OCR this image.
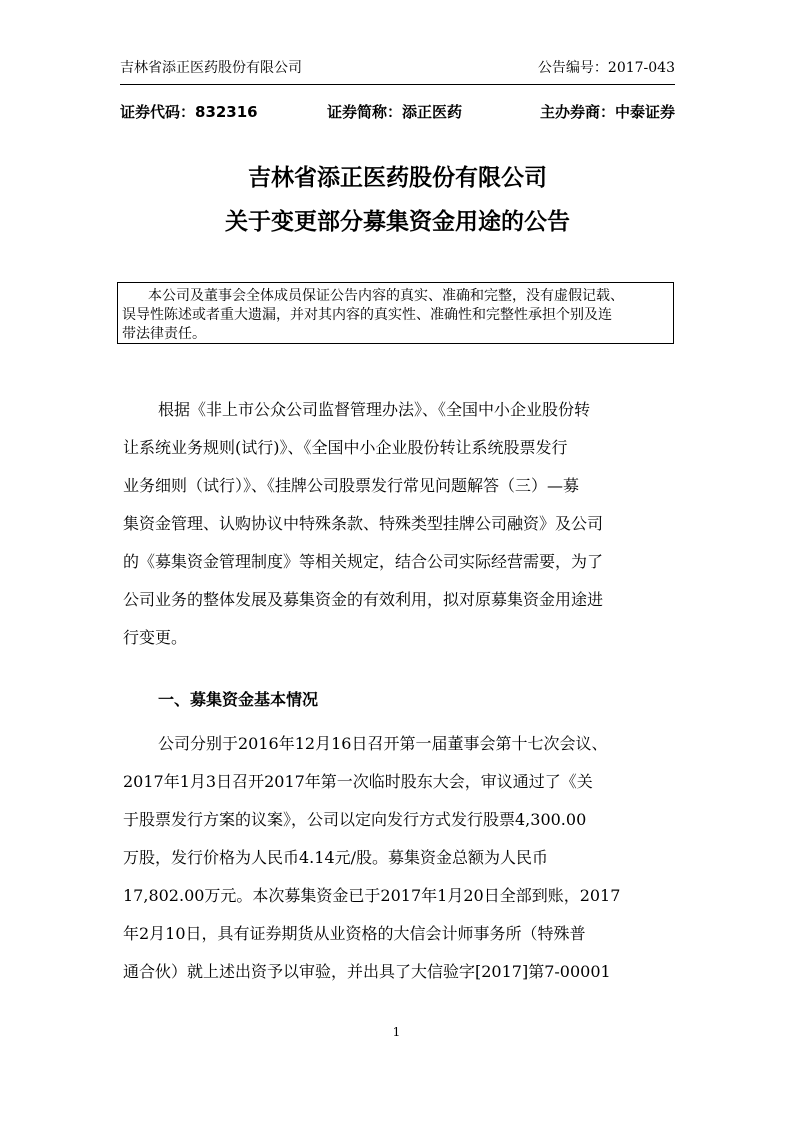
吉林省添正医药股份有限公司	公告编号：2017-043
证券代码：832316	证券简称：添正医药	主办券商：中泰证券
吉林省添正医药股份有限公司
关于变更部分募集资金用途的公告
本公司及董事会全体成员保证公告内容的真实、准确和完整，没有虚假记载、
误导性陈述或者重大遗漏，并对其内容的真实性、准确性和完整性承担个别及连
带法律责任。
根据《非上市公众公司监督管理办法》、《全国中小企业股份转
让系统业务规则(试行)》、《全国中小企业股份转让系统股票发行
业务细则（试行）》、《挂牌公司股票发行常见问题解答（三）—募
集资金管理、认购协议中特殊条款、特殊类型挂牌公司融资》及公司
的《募集资金管理制度》等相关规定，结合公司实际经营需要，为了
公司业务的整体发展及募集资金的有效利用，拟对原募集资金用途进
行变更。
一、募集资金基本情况
公司分别于2016年12月16日召开第一届董事会第十七次会议、
2017年1月3日召开2017年第一次临时股东大会，审议通过了《关
于股票发行方案的议案》，公司以定向发行方式发行股票4,300.00
万股，发行价格为人民币4.14元/股。募集资金总额为人民币
17,802.00万元。本次募集资金已于2017年1月20日全部到账，2017
年2月10日，具有证券期货从业资格的大信会计师事务所（特殊普
通合伙）就上述出资予以审验，并出具了大信验字[2017]第7-00001
1
